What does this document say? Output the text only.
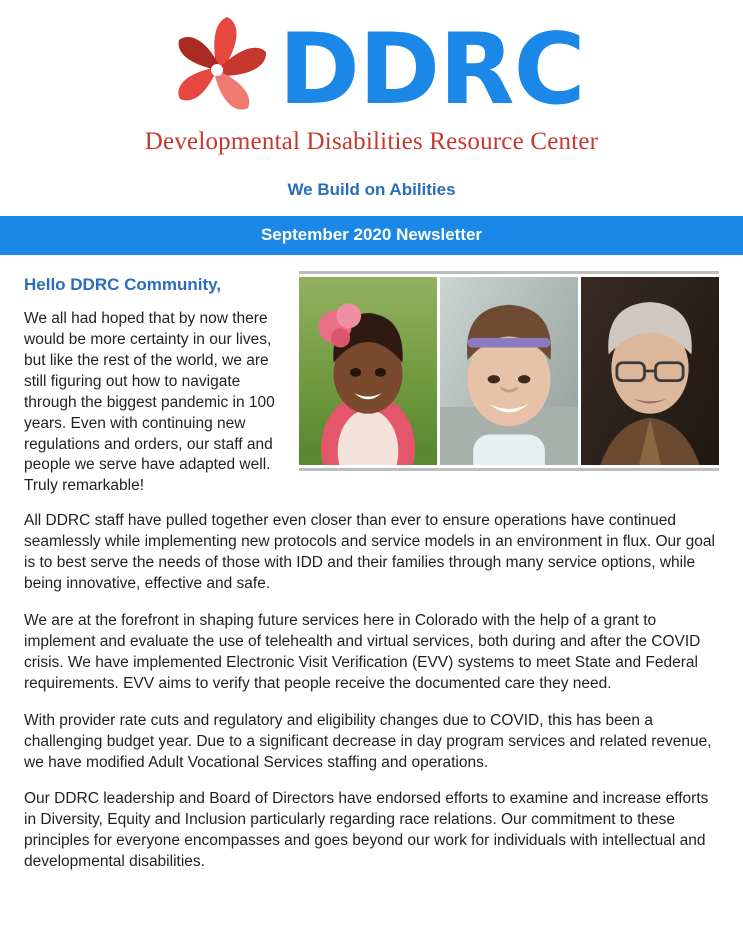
DDRC
Developmental Disabilities Resource Center
We Build on Abilities
September 2020 Newsletter
Hello DDRC Community,

We all had hoped that by now there would be more certainty in our lives, but like the rest of the world, we are still figuring out how to navigate through the biggest pandemic in 100 years. Even with continuing new regulations and orders, our staff and people we serve have adapted well. Truly remarkable!

All DDRC staff have pulled together even closer than ever to ensure operations have continued seamlessly while implementing new protocols and service models in an environment in flux. Our goal is to best serve the needs of those with IDD and their families through many service options, while being innovative, effective and safe.

We are at the forefront in shaping future services here in Colorado with the help of a grant to implement and evaluate the use of telehealth and virtual services, both during and after the COVID crisis. We have implemented Electronic Visit Verification (EVV) systems to meet State and Federal requirements. EVV aims to verify that people receive the documented care they need.

With provider rate cuts and regulatory and eligibility changes due to COVID, this has been a challenging budget year. Due to a significant decrease in day program services and related revenue, we have modified Adult Vocational Services staffing and operations.

Our DDRC leadership and Board of Directors have endorsed efforts to examine and increase efforts in Diversity, Equity and Inclusion particularly regarding race relations. Our commitment to these principles for everyone encompasses and goes beyond our work for individuals with intellectual and developmental disabilities.
